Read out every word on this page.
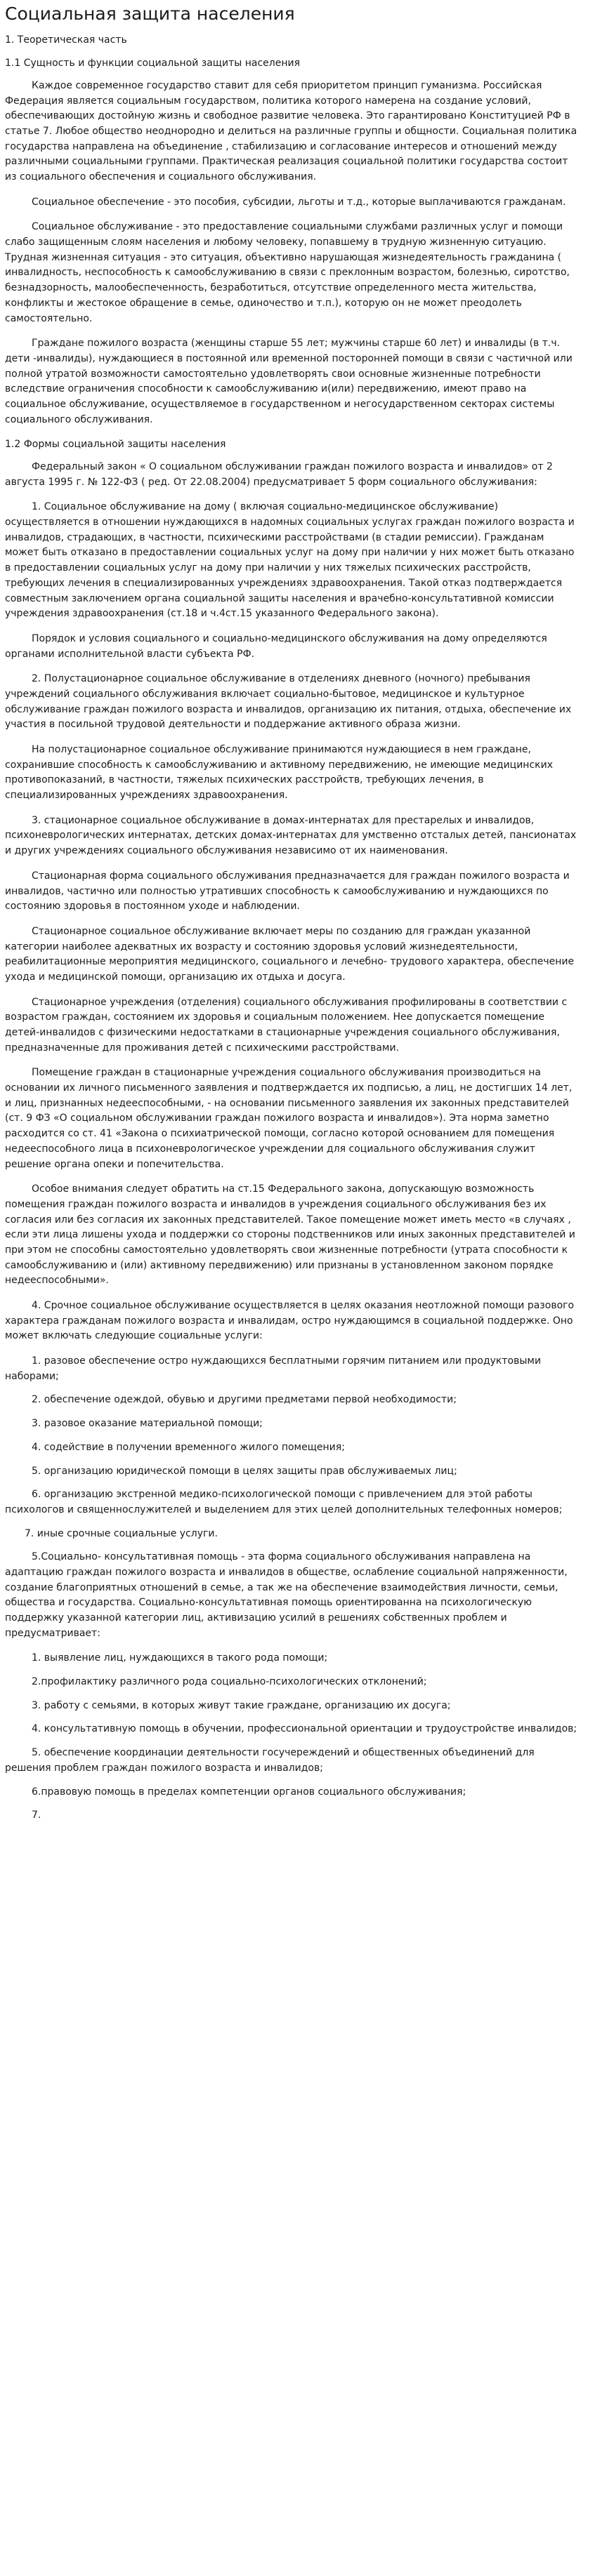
Социальная защита населения
1. Теоретическая часть
1.1 Сущность и функции социальной защиты населения

Каждое современное государство ставит для себя приоритетом принцип гуманизма. Российская Федерация является социальным государством, политика которого намерена на создание условий, обеспечивающих достойную жизнь и свободное развитие человека. Это гарантировано Конституцией РФ в статье 7. Любое общество неоднородно и делиться на различные группы и общности. Социальная политика государства направлена на объединение , стабилизацию и согласование интересов и отношений между различными социальными группами. Практическая реализация социальной политики государства состоит из социального обеспечения и социального обслуживания.

Социальное обеспечение - это пособия, субсидии, льготы и т.д., которые выплачиваются гражданам.

Социальное обслуживание - это предоставление социальными службами различных услуг и помощи слабо защищенным слоям населения и любому человеку, попавшему в трудную жизненную ситуацию. Трудная жизненная ситуация - это ситуация, объективно нарушающая жизнедеятельность гражданина ( инвалидность, неспособность к самообслуживанию в связи с преклонным возрастом, болезнью, сиротство, безнадзорность, малообеспеченность, безработиться, отсутствие определенного места жительства, конфликты и жестокое обращение в семье, одиночество и т.п.), которую он не может преодолеть самостоятельно.

Граждане пожилого возраста (женщины старше 55 лет; мужчины старше 60 лет) и инвалиды (в т.ч. дети -инвалиды), нуждающиеся в постоянной или временной посторонней помощи в связи с частичной или полной утратой возможности самостоятельно удовлетворять свои основные жизненные потребности вследствие ограничения способности к самообслуживанию и(или) передвижению, имеют право на социальное обслуживание, осуществляемое в государственном и негосударственном секторах системы социального обслуживания.

1.2 Формы социальной защиты населения

Федеральный закон « О социальном обслуживании граждан пожилого возраста и инвалидов» от 2 августа 1995 г. № 122-ФЗ ( ред. От 22.08.2004) предусматривает 5 форм социального обслуживания:

1. Социальное обслуживание на дому ( включая социально-медицинское обслуживание) осуществляется в отношении нуждающихся в надомных социальных услугах граждан пожилого возраста и инвалидов, страдающих, в частности, психическими расстройствами (в стадии ремиссии). Гражданам может быть отказано в предоставлении социальных услуг на дому при наличии у них может быть отказано в предоставлении социальных услуг на дому при наличии у них тяжелых психических расстройств, требующих лечения в специализированных учреждениях здравоохранения. Такой отказ подтверждается совместным заключением органа социальной защиты населения и врачебно-консультативной комиссии учреждения здравоохранения (ст.18 и ч.4ст.15 указанного Федерального закона).

Порядок и условия социального и социально-медицинского обслуживания на дому определяются органами исполнительной власти субъекта РФ.

2. Полустационарное социальное обслуживание в отделениях дневного (ночного) пребывания учреждений социального обслуживания включает социально-бытовое, медицинское и культурное обслуживание граждан пожилого возраста и инвалидов, организацию их питания, отдыха, обеспечение их участия в посильной трудовой деятельности и поддержание активного образа жизни.

На полустационарное социальное обслуживание принимаются нуждающиеся в нем граждане, сохранившие способность к самообслуживанию и активному передвижению, не имеющие медицинских противопоказаний, в частности, тяжелых психических расстройств, требующих лечения, в специализированных учреждениях здравоохранения.

3. стационарное социальное обслуживание в домах-интернатах для престарелых и инвалидов, психоневрологических интернатах, детских домах-интернатах для умственно отсталых детей, пансионатах и других учреждениях социального обслуживания независимо от их наименования.

Стационарная форма социального обслуживания предназначается для граждан пожилого возраста и инвалидов, частично или полностью утративших способность к самообслуживанию и нуждающихся по состоянию здоровья в постоянном уходе и наблюдении.

Стационарное социальное обслуживание включает меры по созданию для граждан указанной категории наиболее адекватных их возрасту и состоянию здоровья условий жизнедеятельности, реабилитационные мероприятия медицинского, социального и лечебно- трудового характера, обеспечение ухода и медицинской помощи, организацию их отдыха и досуга.

Стационарное учреждения (отделения) социального обслуживания профилированы в соответствии с возрастом граждан, состоянием их здоровья и социальным положением. Нее допускается помещение детей-инвалидов с физическими недостатками в стационарные учреждения социального обслуживания, предназначенные для проживания детей с психическими расстройствами.

Помещение граждан в стационарные учреждения социального обслуживания производиться на основании их личного письменного заявления и подтверждается их подписью, а лиц, не достигших 14 лет, и лиц, признанных недееспособными, - на основании письменного заявления их законных представителей (ст. 9 ФЗ «О социальном обслуживании граждан пожилого возраста и инвалидов»). Эта норма заметно расходится со ст. 41 «Закона о психиатрической помощи, согласно которой основанием для помещения недееспособного лица в психоневрологическое учреждении для социального обслуживания служит решение органа опеки и попечительства.

Особое внимания следует обратить на ст.15 Федерального закона, допускающую возможность помещения граждан пожилого возраста и инвалидов в учреждения социального обслуживания без их согласия или без согласия их законных представителей. Такое помещение может иметь место «в случаях , если эти лица лишены ухода и поддержки со стороны подственников или иных законных представителей и при этом не способны самостоятельно удовлетворять свои жизненные потребности (утрата способности к самообслуживанию и (или) активному передвижению) или признаны в установленном законом порядке недееспособными».

4. Срочное социальное обслуживание осуществляется в целях оказания неотложной помощи разового характера гражданам пожилого возраста и инвалидам, остро нуждающимся в социальной поддержке. Оно может включать следующие социальные услуги:

1. разовое обеспечение остро нуждающихся бесплатными горячим питанием или продуктовыми наборами;

2. обеспечение одеждой, обувью и другими предметами первой необходимости;

3. разовое оказание материальной помощи;

4. содействие в получении временного жилого помещения;

5. организацию юридической помощи в целях защиты прав обслуживаемых лиц;

6. организацию экстренной медико-психологической помощи с привлечением для этой работы психологов и священнослужителей и выделением для этих целей дополнительных телефонных номеров;

7. иные срочные социальные услуги.

5.Социально- консультативная помощь - эта форма социального обслуживания направлена на адаптацию граждан пожилого возраста и инвалидов в обществе, ослабление социальной напряженности, создание благоприятных отношений в семье, а так же на обеспечение взаимодействия личности, семьи, общества и государства. Социально-консультативная помощь ориентированна на психологическую поддержку указанной категории лиц, активизацию усилий в решениях собственных проблем и предусматривает:

1. выявление лиц, нуждающихся в такого рода помощи;

2.профилактику различного рода социально-психологических отклонений;

3. работу с семьями, в которых живут такие граждане, организацию их досуга;

4. консультативную помощь в обучении, профессиональной ориентации и трудоустройстве инвалидов;

5. обеспечение координации деятельности госучереждений и общественных объединений для решения проблем граждан пожилого возраста и инвалидов;

6.правовую помощь в пределах компетенции органов социального обслуживания;

7.
